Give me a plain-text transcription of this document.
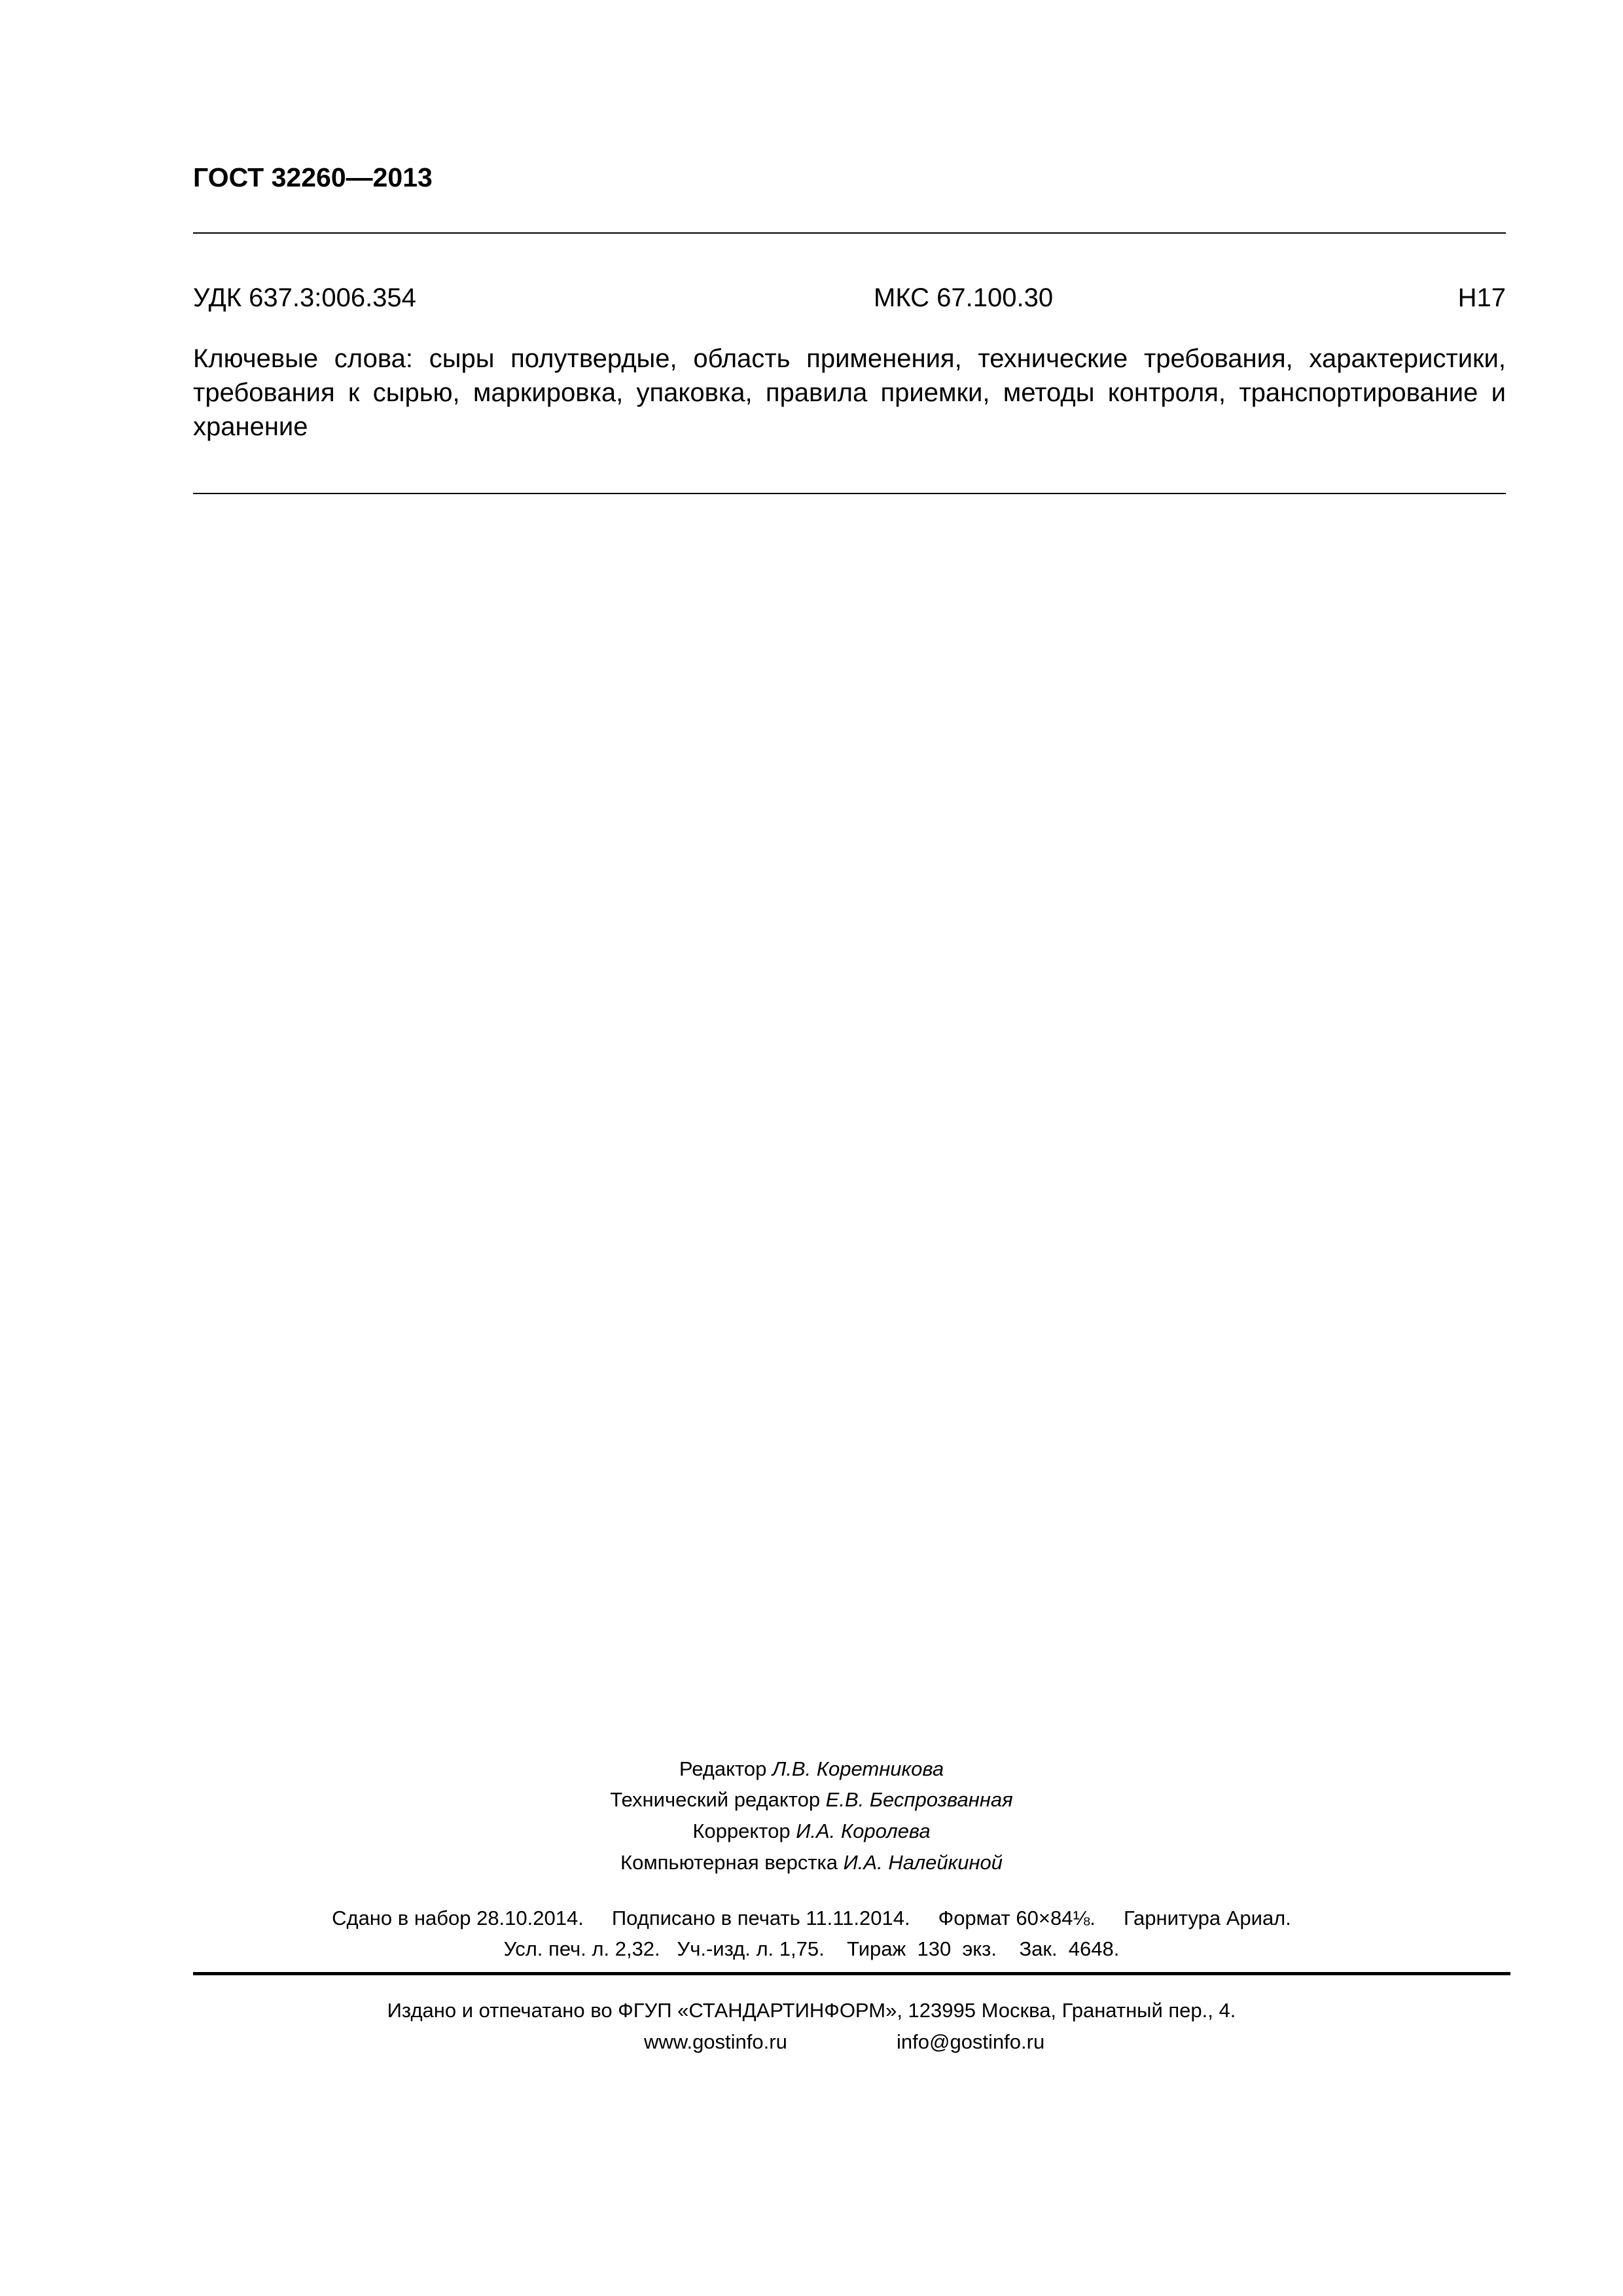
ГОСТ 32260—2013
УДК 637.3:006.354	МКС 67.100.30	Н17
Ключевые слова: сыры полутвердые, область применения, технические требования, характеристики, требования к сырью, маркировка, упаковка, правила приемки, методы контроля, транспортирование и хранение
Редактор Л.В. Коретникова
Технический редактор Е.В. Беспрозванная
Корректор И.А. Королева
Компьютерная верстка И.А. Налейкиной
Сдано в набор 28.10.2014.     Подписано в печать 11.11.2014.     Формат 60×84⅛.     Гарнитура Ариал.
Усл. печ. л. 2,32.   Уч.-изд. л. 1,75.    Тираж  130  экз.    Зак.  4648.
Издано и отпечатано во ФГУП «СТАНДАРТИНФОРМ», 123995 Москва, Гранатный пер., 4.
www.gostinfo.ru	info@gostinfo.ru
